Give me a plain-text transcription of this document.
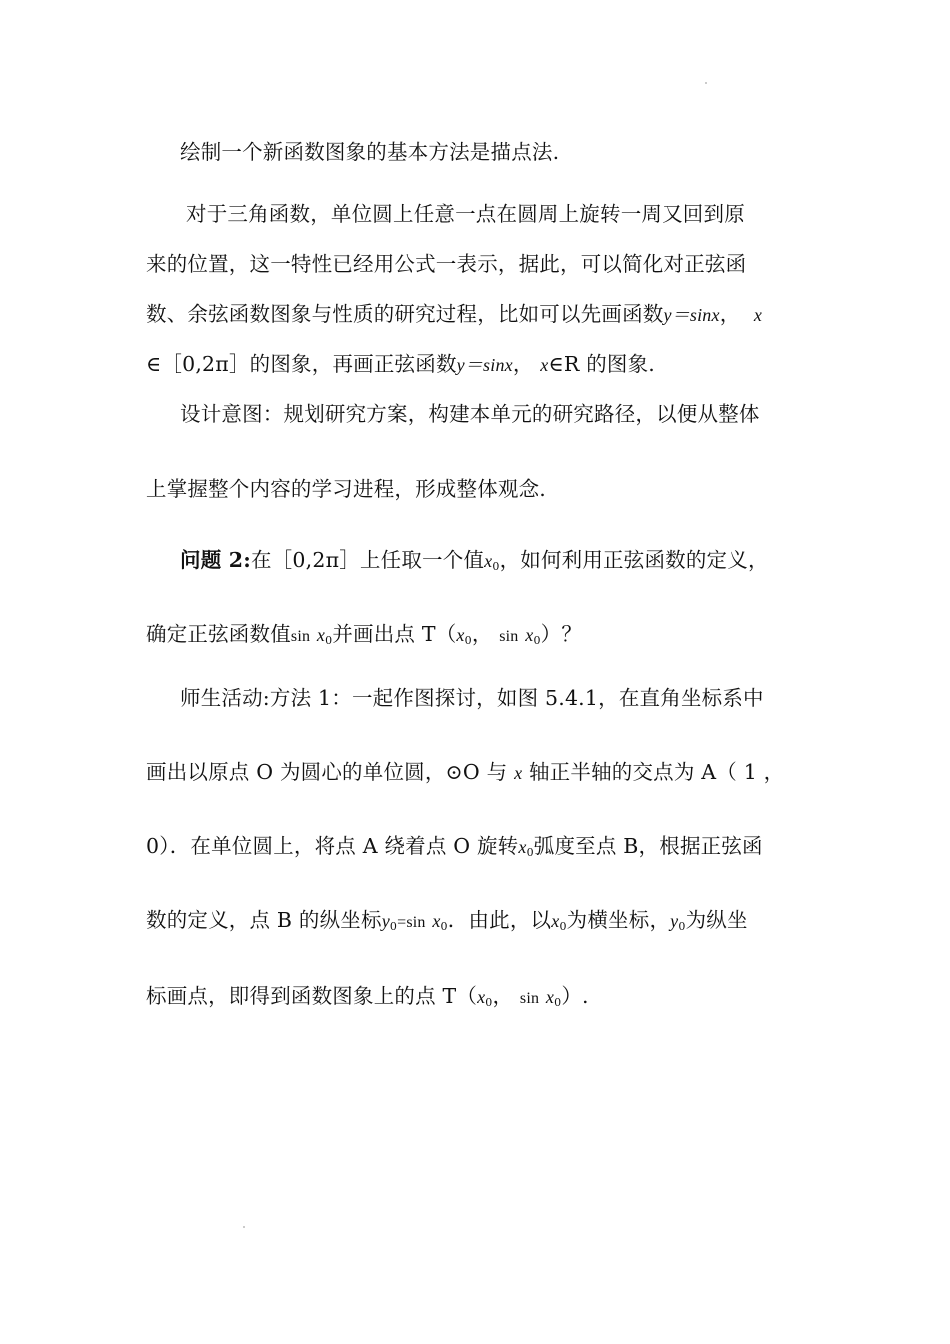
绘制一个新函数图象的基本方法是描点法.
对于三角函数，单位圆上任意一点在圆周上旋转一周又回到原
来的位置，这一特性已经用公式一表示，据此，可以简化对正弦函
数、余弦函数图象与性质的研究过程，比如可以先画函数y＝sinx， x
∈［0,2π］的图象，再画正弦函数y＝sinx， x∈R 的图象.
设计意图：规划研究方案，构建本单元的研究路径，以便从整体
上掌握整个内容的学习进程，形成整体观念.
问题 2:在［0,2π］上任取一个值$x_0$，如何利用正弦函数的定义，
确定正弦函数值$\sin x_0$并画出点 $T(x_0$， $\sin x_0$）？
师生活动:方法 1：一起作图探讨，如图 5.4.1，在直角坐标系中
画出以原点 O 为圆心的单位圆，⊙O 与 x 轴正半轴的交点为 A（ 1 ，
0）．在单位圆上，将点 A 绕着点 O 旋转$x_0$弧度至点 B，根据正弦函
数的定义，点 B 的纵坐标$y_0=\sin$ $x_0$．由此，以$x_0$为横坐标，$y_0$为纵坐
标画点，即得到函数图象上的点 $T(x_0$， $\sin x_0$）.
